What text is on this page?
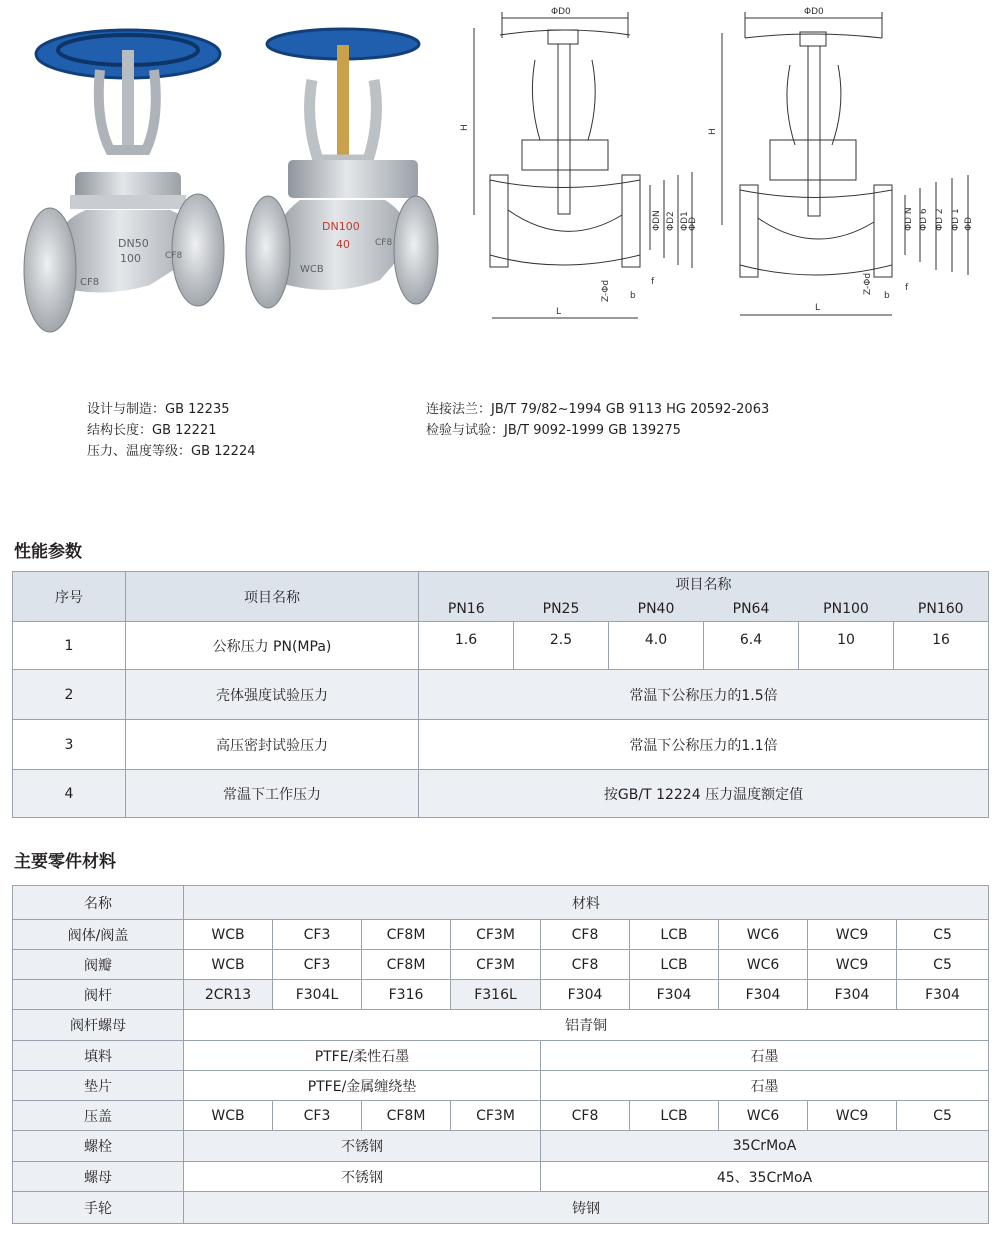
DN50
100
CF8
CF8
DN100
40
WCB
CF8
ΦD0
H
ΦDN ΦD2 ΦD1
ΦD
Z-Φd b
f
L
ΦD0
H
ΦD N ΦD 6 ΦD 2 ΦD 1 ΦD
Z-Φd
b
f
L
设计与制造：GB 12235
结构长度：GB 12221
压力、温度等级：GB 12224
连接法兰：JB/T 79/82~1994 GB 9113 HG 20592-2063
检验与试验：JB/T 9092-1999 GB 139275
性能参数
序号	项目名称	项目名称					
		PN16	PN25	PN40	PN64	PN100	PN160
1	公称压力 PN(MPa)	1.6	2.5	4.0	6.4	10	16
2	壳体强度试验压力	常温下公称压力的1.5倍					
3	高压密封试验压力	常温下公称压力的1.1倍					
4	常温下工作压力	按GB/T 12224 压力温度额定值					
主要零件材料
名称	材料								
阀体/阀盖	WCB	CF3	CF8M	CF3M	CF8	LCB	WC6	WC9	C5
阀瓣	WCB	CF3	CF8M	CF3M	CF8	LCB	WC6	WC9	C5
阀杆	2CR13	F304L	F316	F316L	F304	F304	F304	F304	F304
阀杆螺母	铝青铜								
填料	PTFE/柔性石墨				石墨				
垫片	PTFE/金属缠绕垫				石墨				
压盖	WCB	CF3	CF8M	CF3M	CF8	LCB	WC6	WC9	C5
螺栓	不锈钢				35CrMoA				
螺母	不锈钢				45、35CrMoA				
手轮	铸钢								
